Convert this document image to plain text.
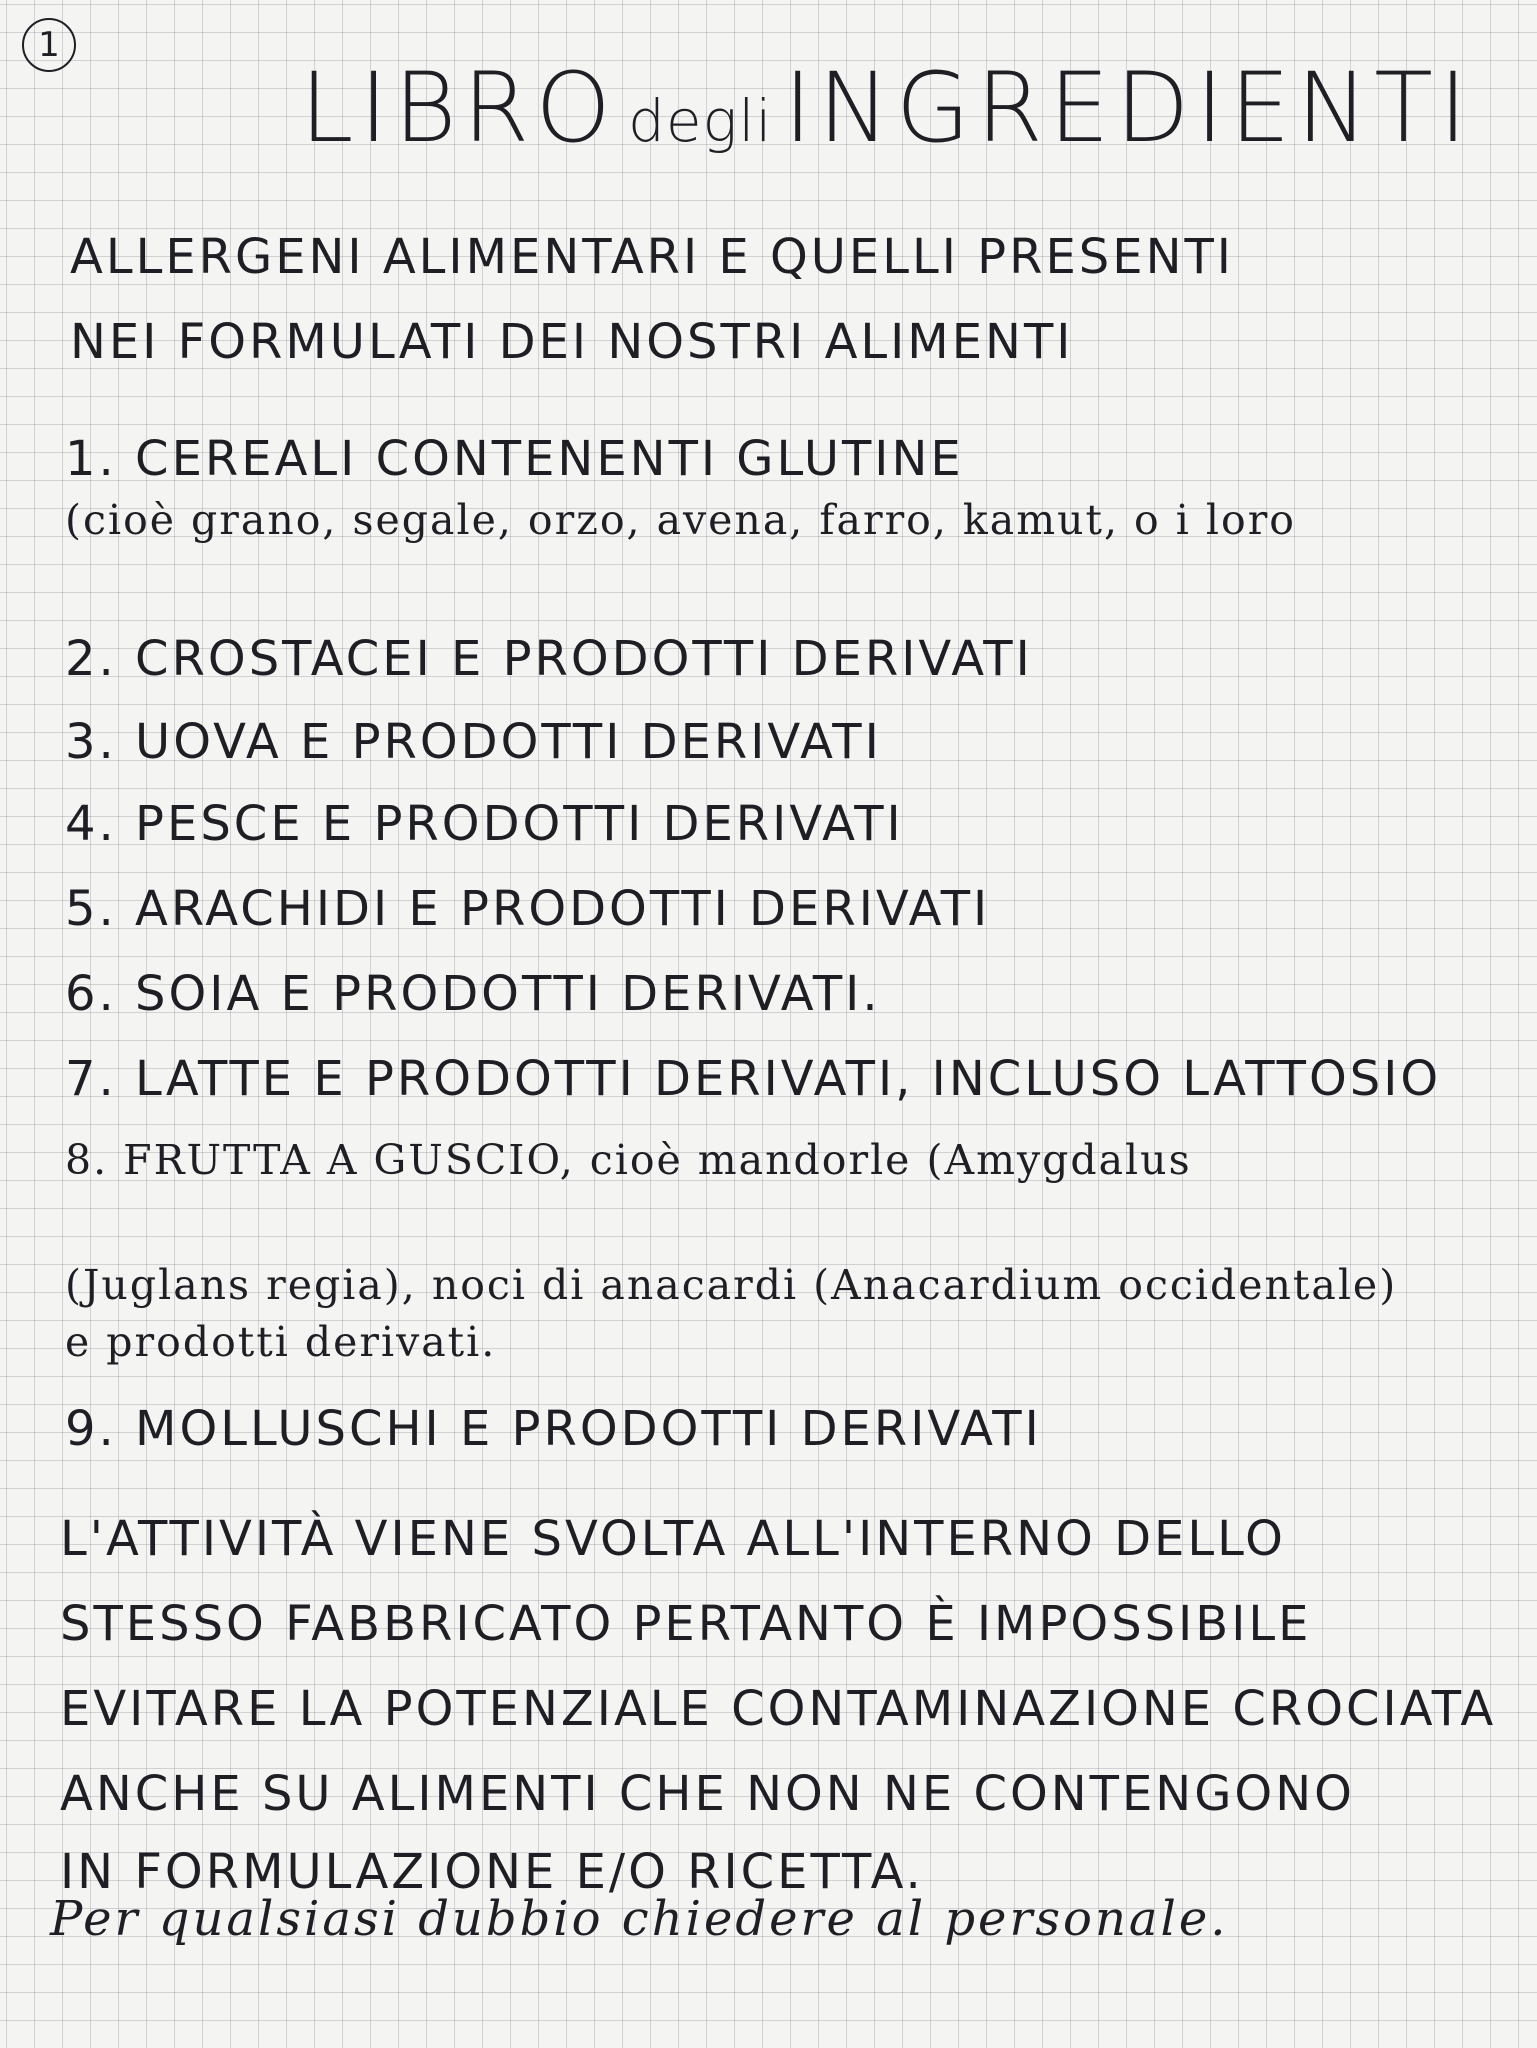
1
LIBRO degli INGREDIENTI
ALLERGENI ALIMENTARI E QUELLI PRESENTI
NEI FORMULATI DEI NOSTRI ALIMENTI
1. CEREALI CONTENENTI GLUTINE
(cioè grano, segale, orzo, avena, farro, kamut, o i loro
2. CROSTACEI E PRODOTTI DERIVATI
3. UOVA E PRODOTTI DERIVATI
4. PESCE E PRODOTTI DERIVATI
5. ARACHIDI E PRODOTTI DERIVATI
6. SOIA E PRODOTTI DERIVATI.
7. LATTE E PRODOTTI DERIVATI, INCLUSO LATTOSIO
8. FRUTTA A GUSCIO, cioè mandorle (Amygdalus
(Juglans regia), noci di anacardi (Anacardium occidentale)
e prodotti derivati.
9. MOLLUSCHI E PRODOTTI DERIVATI
L'ATTIVITÀ VIENE SVOLTA ALL'INTERNO DELLO
STESSO FABBRICATO PERTANTO È IMPOSSIBILE
EVITARE LA POTENZIALE CONTAMINAZIONE CROCIATA
ANCHE SU ALIMENTI CHE NON NE CONTENGONO
IN FORMULAZIONE E/O RICETTA.
Per qualsiasi dubbio chiedere al personale.
